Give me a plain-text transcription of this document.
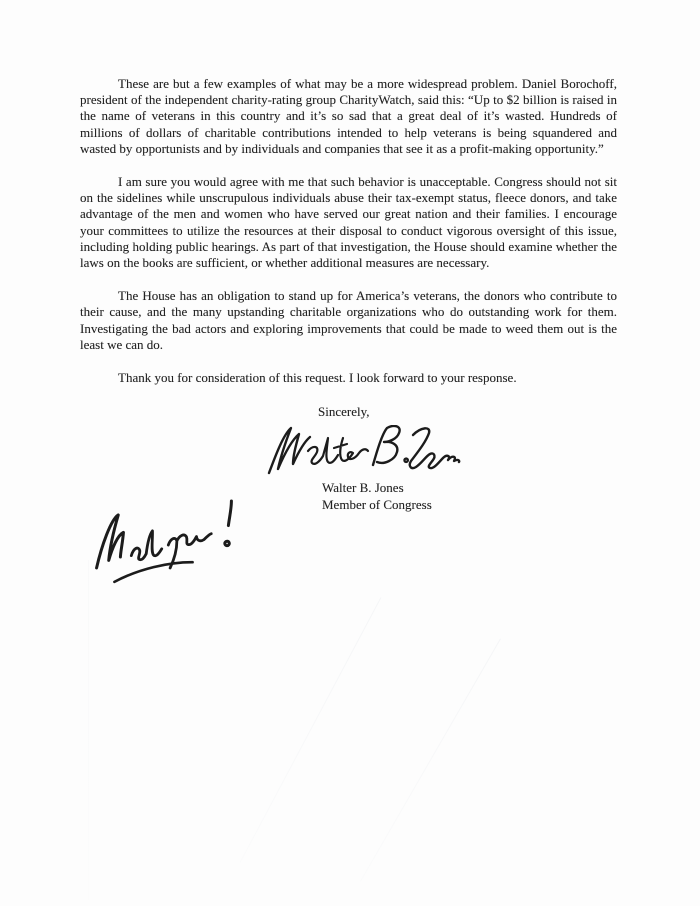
These are but a few examples of what may be a more widespread problem. Daniel Borochoff, president of the independent charity-rating group CharityWatch, said this: “Up to $2 billion is raised in the name of veterans in this country and it’s so sad that a great deal of it’s wasted. Hundreds of millions of dollars of charitable contributions intended to help veterans is being squandered and wasted by opportunists and by individuals and companies that see it as a profit-making opportunity.”

I am sure you would agree with me that such behavior is unacceptable. Congress should not sit on the sidelines while unscrupulous individuals abuse their tax-exempt status, fleece donors, and take advantage of the men and women who have served our great nation and their families. I encourage your committees to utilize the resources at their disposal to conduct vigorous oversight of this issue, including holding public hearings. As part of that investigation, the House should examine whether the laws on the books are sufficient, or whether additional measures are necessary.

The House has an obligation to stand up for America’s veterans, the donors who contribute to their cause, and the many upstanding charitable organizations who do outstanding work for them. Investigating the bad actors and exploring improvements that could be made to weed them out is the least we can do.

Thank you for consideration of this request. I look forward to your response.

Sincerely,
Walter B. Jones
Member of Congress
